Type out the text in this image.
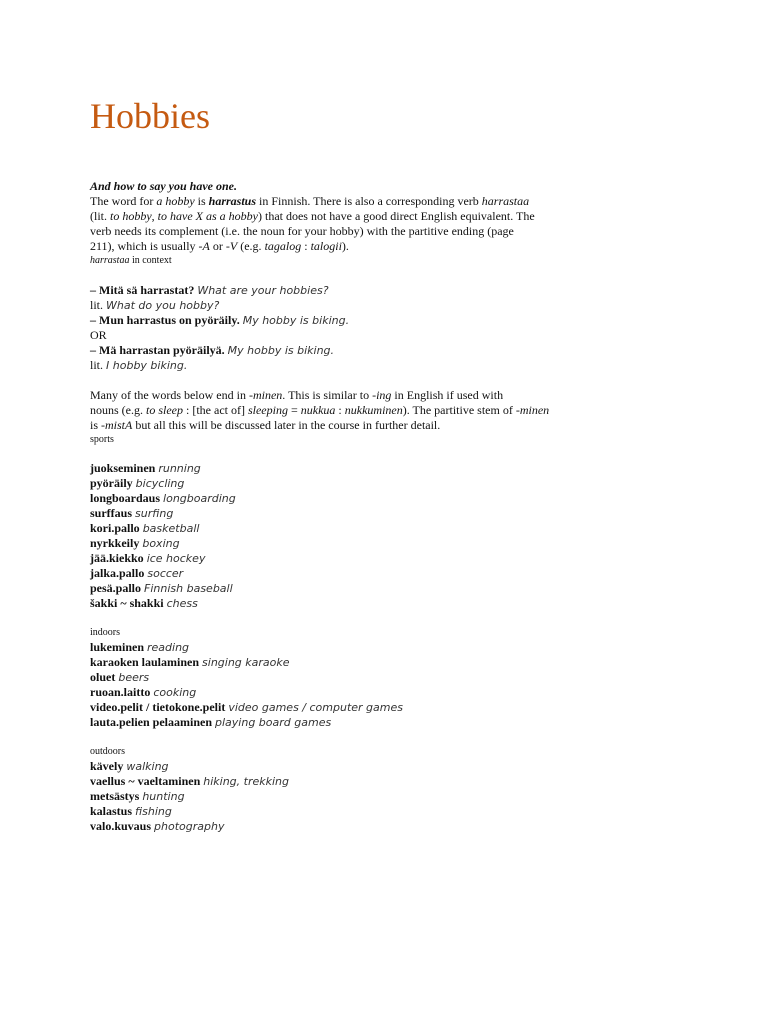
Hobbies

And how to say you have one.

The word for a hobby is harrastus in Finnish. There is also a corresponding verb harrastaa

(lit. to hobby, to have X as a hobby) that does not have a good direct English equivalent. The

verb needs its complement (i.e. the noun for your hobby) with the partitive ending (page

211), which is usually -A or -V (e.g. tagalog : talogii).

harrastaa in context

– Mitä sä harrastat? What are your hobbies?

lit. What do you hobby?

– Mun harrastus on pyöräily. My hobby is biking.

OR

– Mä harrastan pyöräilyä. My hobby is biking.

lit. I hobby biking.

Many of the words below end in -minen. This is similar to -ing in English if used with

nouns (e.g. to sleep : [the act of] sleeping = nukkua : nukkuminen). The partitive stem of -minen

is -mistA but all this will be discussed later in the course in further detail.

sports

juokseminen running

pyöräily bicycling

longboardaus longboarding

surffaus surfing

kori.pallo basketball

nyrkkeily boxing

jää.kiekko ice hockey

jalka.pallo soccer

pesä.pallo Finnish baseball

šakki ~ shakki chess

indoors

lukeminen reading

karaoken laulaminen singing karaoke

oluet beers

ruoan.laitto cooking

video.pelit / tietokone.pelit video games / computer games

lauta.pelien pelaaminen playing board games

outdoors

kävely walking

vaellus ~ vaeltaminen hiking, trekking

metsästys hunting

kalastus fishing

valo.kuvaus photography
